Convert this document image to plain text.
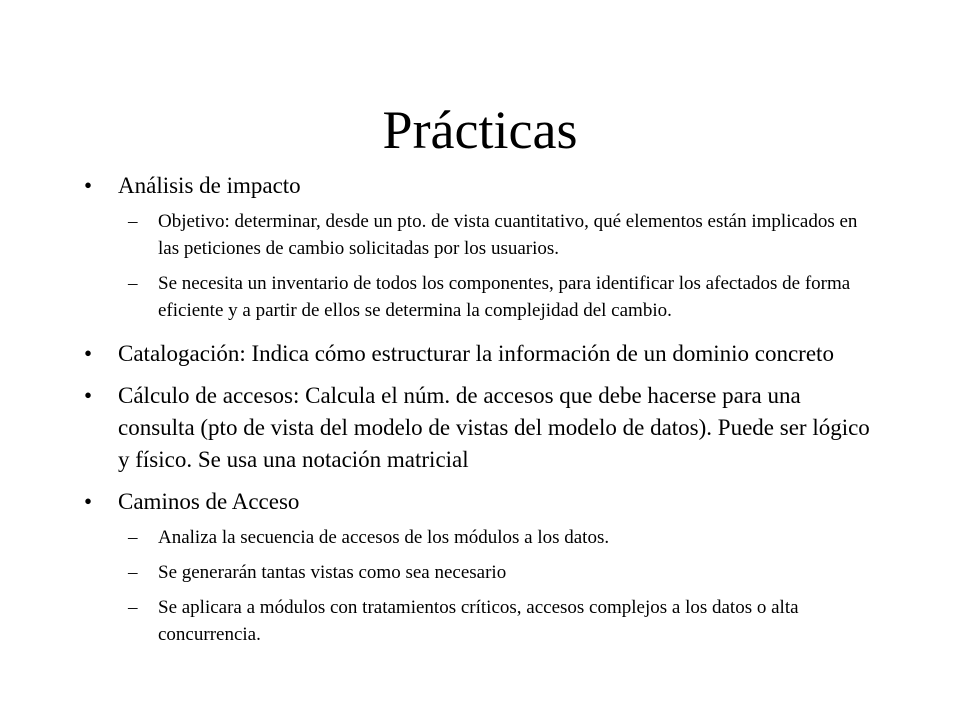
Prácticas
•	Análisis de impacto
– Objetivo: determinar, desde un pto. de vista cuantitativo, qué elementos están implicados en las peticiones de cambio solicitadas por los usuarios.
– Se necesita un inventario de todos los componentes, para identificar los afectados de forma eficiente y a partir de ellos se determina la complejidad del cambio.
•	Catalogación: Indica cómo estructurar la información de un dominio concreto
•	Cálculo de accesos: Calcula el núm. de accesos que debe hacerse para una consulta (pto de vista del modelo de vistas del modelo de datos). Puede ser lógico y físico. Se usa una notación matricial
•	Caminos de Acceso
– Analiza la secuencia de accesos de los módulos a los datos.
– Se generarán tantas vistas como sea necesario
– Se aplicara a módulos con tratamientos críticos, accesos complejos a los datos o alta concurrencia.
